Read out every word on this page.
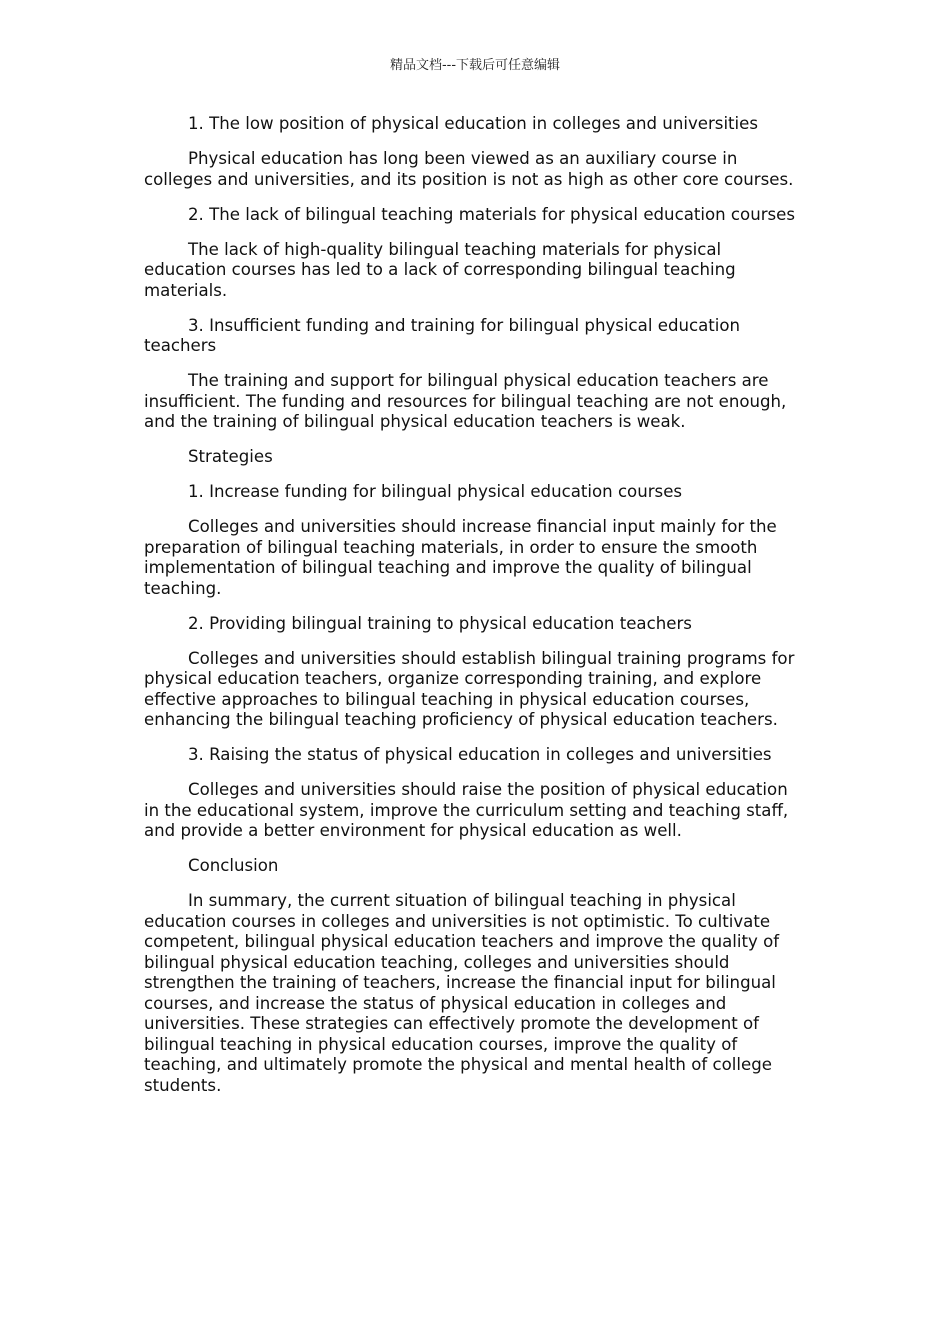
精品文档---下载后可任意编辑

1. The low position of physical education in colleges and universities

Physical education has long been viewed as an auxiliary course in colleges and universities, and its position is not as high as other core courses.

2. The lack of bilingual teaching materials for physical education courses

The lack of high-quality bilingual teaching materials for physical education courses has led to a lack of corresponding bilingual teaching materials.

3. Insufficient funding and training for bilingual physical education teachers

The training and support for bilingual physical education teachers are insufficient. The funding and resources for bilingual teaching are not enough, and the training of bilingual physical education teachers is weak.

Strategies

1. Increase funding for bilingual physical education courses

Colleges and universities should increase financial input mainly for the preparation of bilingual teaching materials, in order to ensure the smooth implementation of bilingual teaching and improve the quality of bilingual teaching.

2. Providing bilingual training to physical education teachers

Colleges and universities should establish bilingual training programs for physical education teachers, organize corresponding training, and explore effective approaches to bilingual teaching in physical education courses, enhancing the bilingual teaching proficiency of physical education teachers.

3. Raising the status of physical education in colleges and universities

Colleges and universities should raise the position of physical education in the educational system, improve the curriculum setting and teaching staff, and provide a better environment for physical education as well.

Conclusion

In summary, the current situation of bilingual teaching in physical education courses in colleges and universities is not optimistic. To cultivate competent, bilingual physical education teachers and improve the quality of bilingual physical education teaching, colleges and universities should strengthen the training of teachers, increase the financial input for bilingual courses, and increase the status of physical education in colleges and universities. These strategies can effectively promote the development of bilingual teaching in physical education courses, improve the quality of teaching, and ultimately promote the physical and mental health of college students.
